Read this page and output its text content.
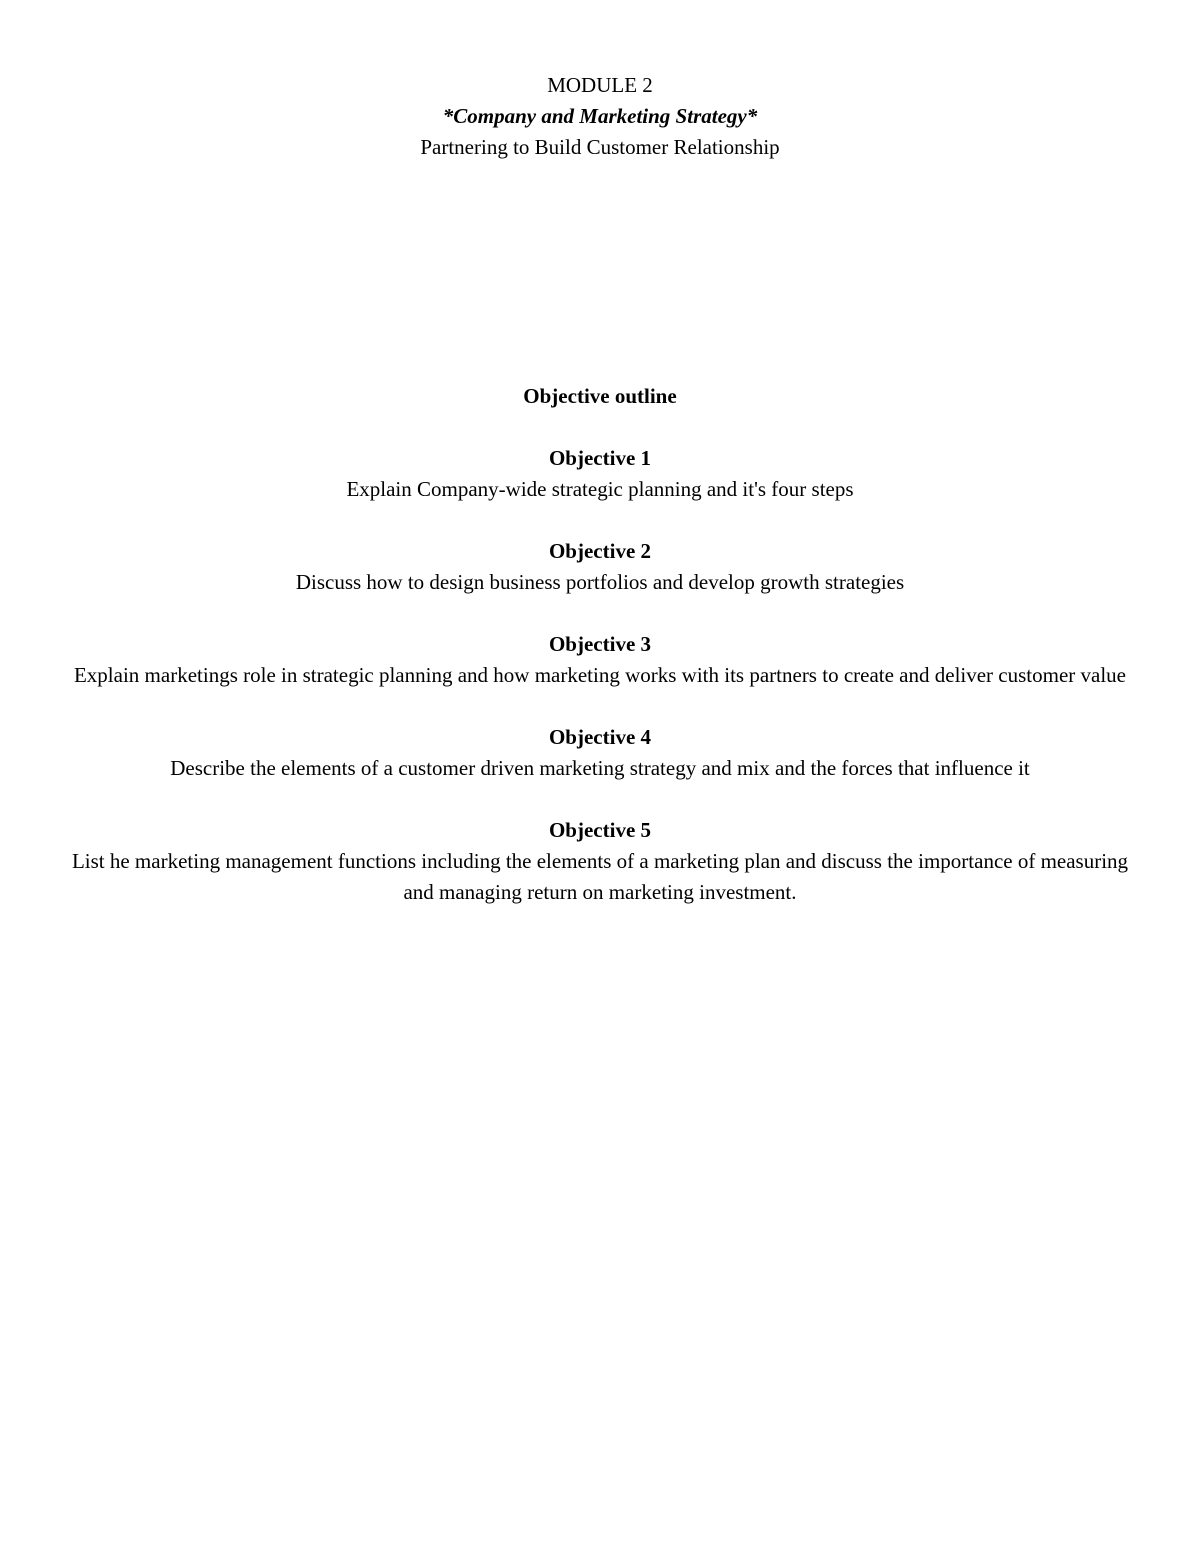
MODULE 2
*Company and Marketing Strategy*
Partnering to Build Customer Relationship
Objective outline
Objective 1
Explain Company-wide strategic planning and it's four steps
Objective 2
Discuss how to design business portfolios and develop growth strategies
Objective 3
Explain marketings role in strategic planning and how marketing works with its partners to create and deliver customer value
Objective 4
Describe the elements of a customer driven marketing strategy and mix and the forces that influence it
Objective 5
List he marketing management functions including the elements of a marketing plan and discuss the importance of measuring and managing return on marketing investment.
